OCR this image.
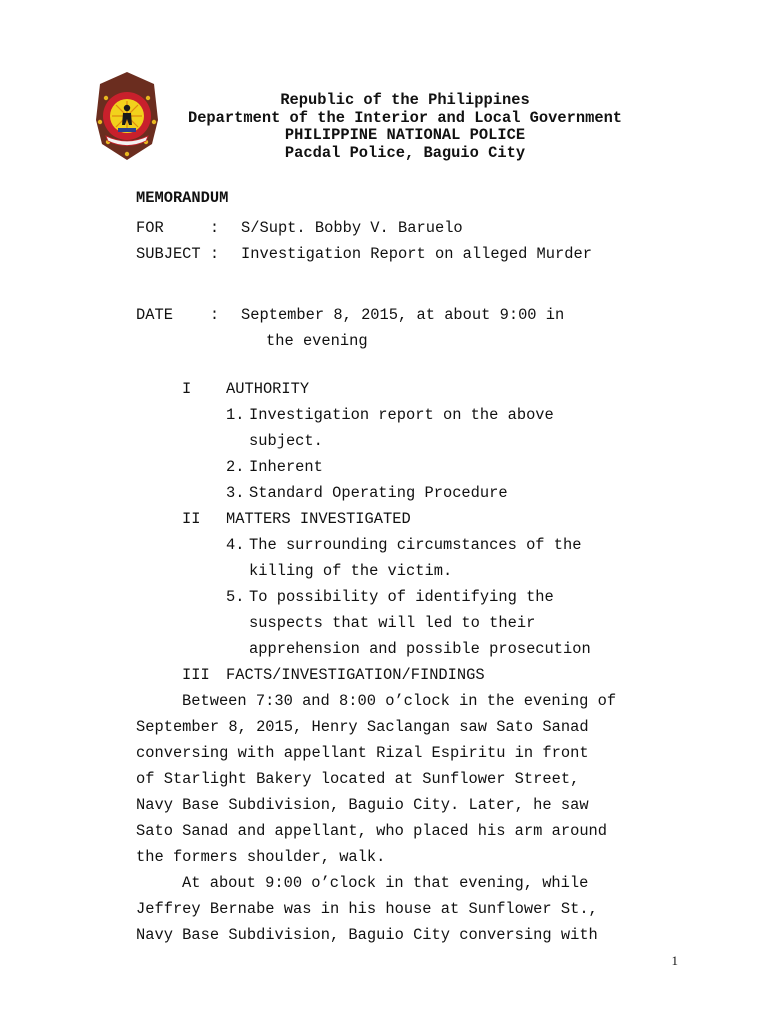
Republic of the Philippines
Department of the Interior and Local Government
PHILIPPINE NATIONAL POLICE
Pacdal Police, Baguio City
MEMORANDUM
FOR     : S/Supt. Bobby V. Baruelo
SUBJECT : Investigation Report on alleged Murder
DATE    : September 8, 2015, at about 9:00 in
the evening
I AUTHORITY
1. Investigation report on the above
subject.
2. Inherent
3. Standard Operating Procedure
II MATTERS INVESTIGATED
4. The surrounding circumstances of the
killing of the victim.
5. To possibility of identifying the
suspects that will led to their
apprehension and possible prosecution
III FACTS/INVESTIGATION/FINDINGS
Between 7:30 and 8:00 o’clock in the evening of
September 8, 2015, Henry Saclangan saw Sato Sanad
conversing with appellant Rizal Espiritu in front
of Starlight Bakery located at Sunflower Street,
Navy Base Subdivision, Baguio City. Later, he saw
Sato Sanad and appellant, who placed his arm around
the formers shoulder, walk.
At about 9:00 o’clock in that evening, while
Jeffrey Bernabe was in his house at Sunflower St.,
Navy Base Subdivision, Baguio City conversing with
1
